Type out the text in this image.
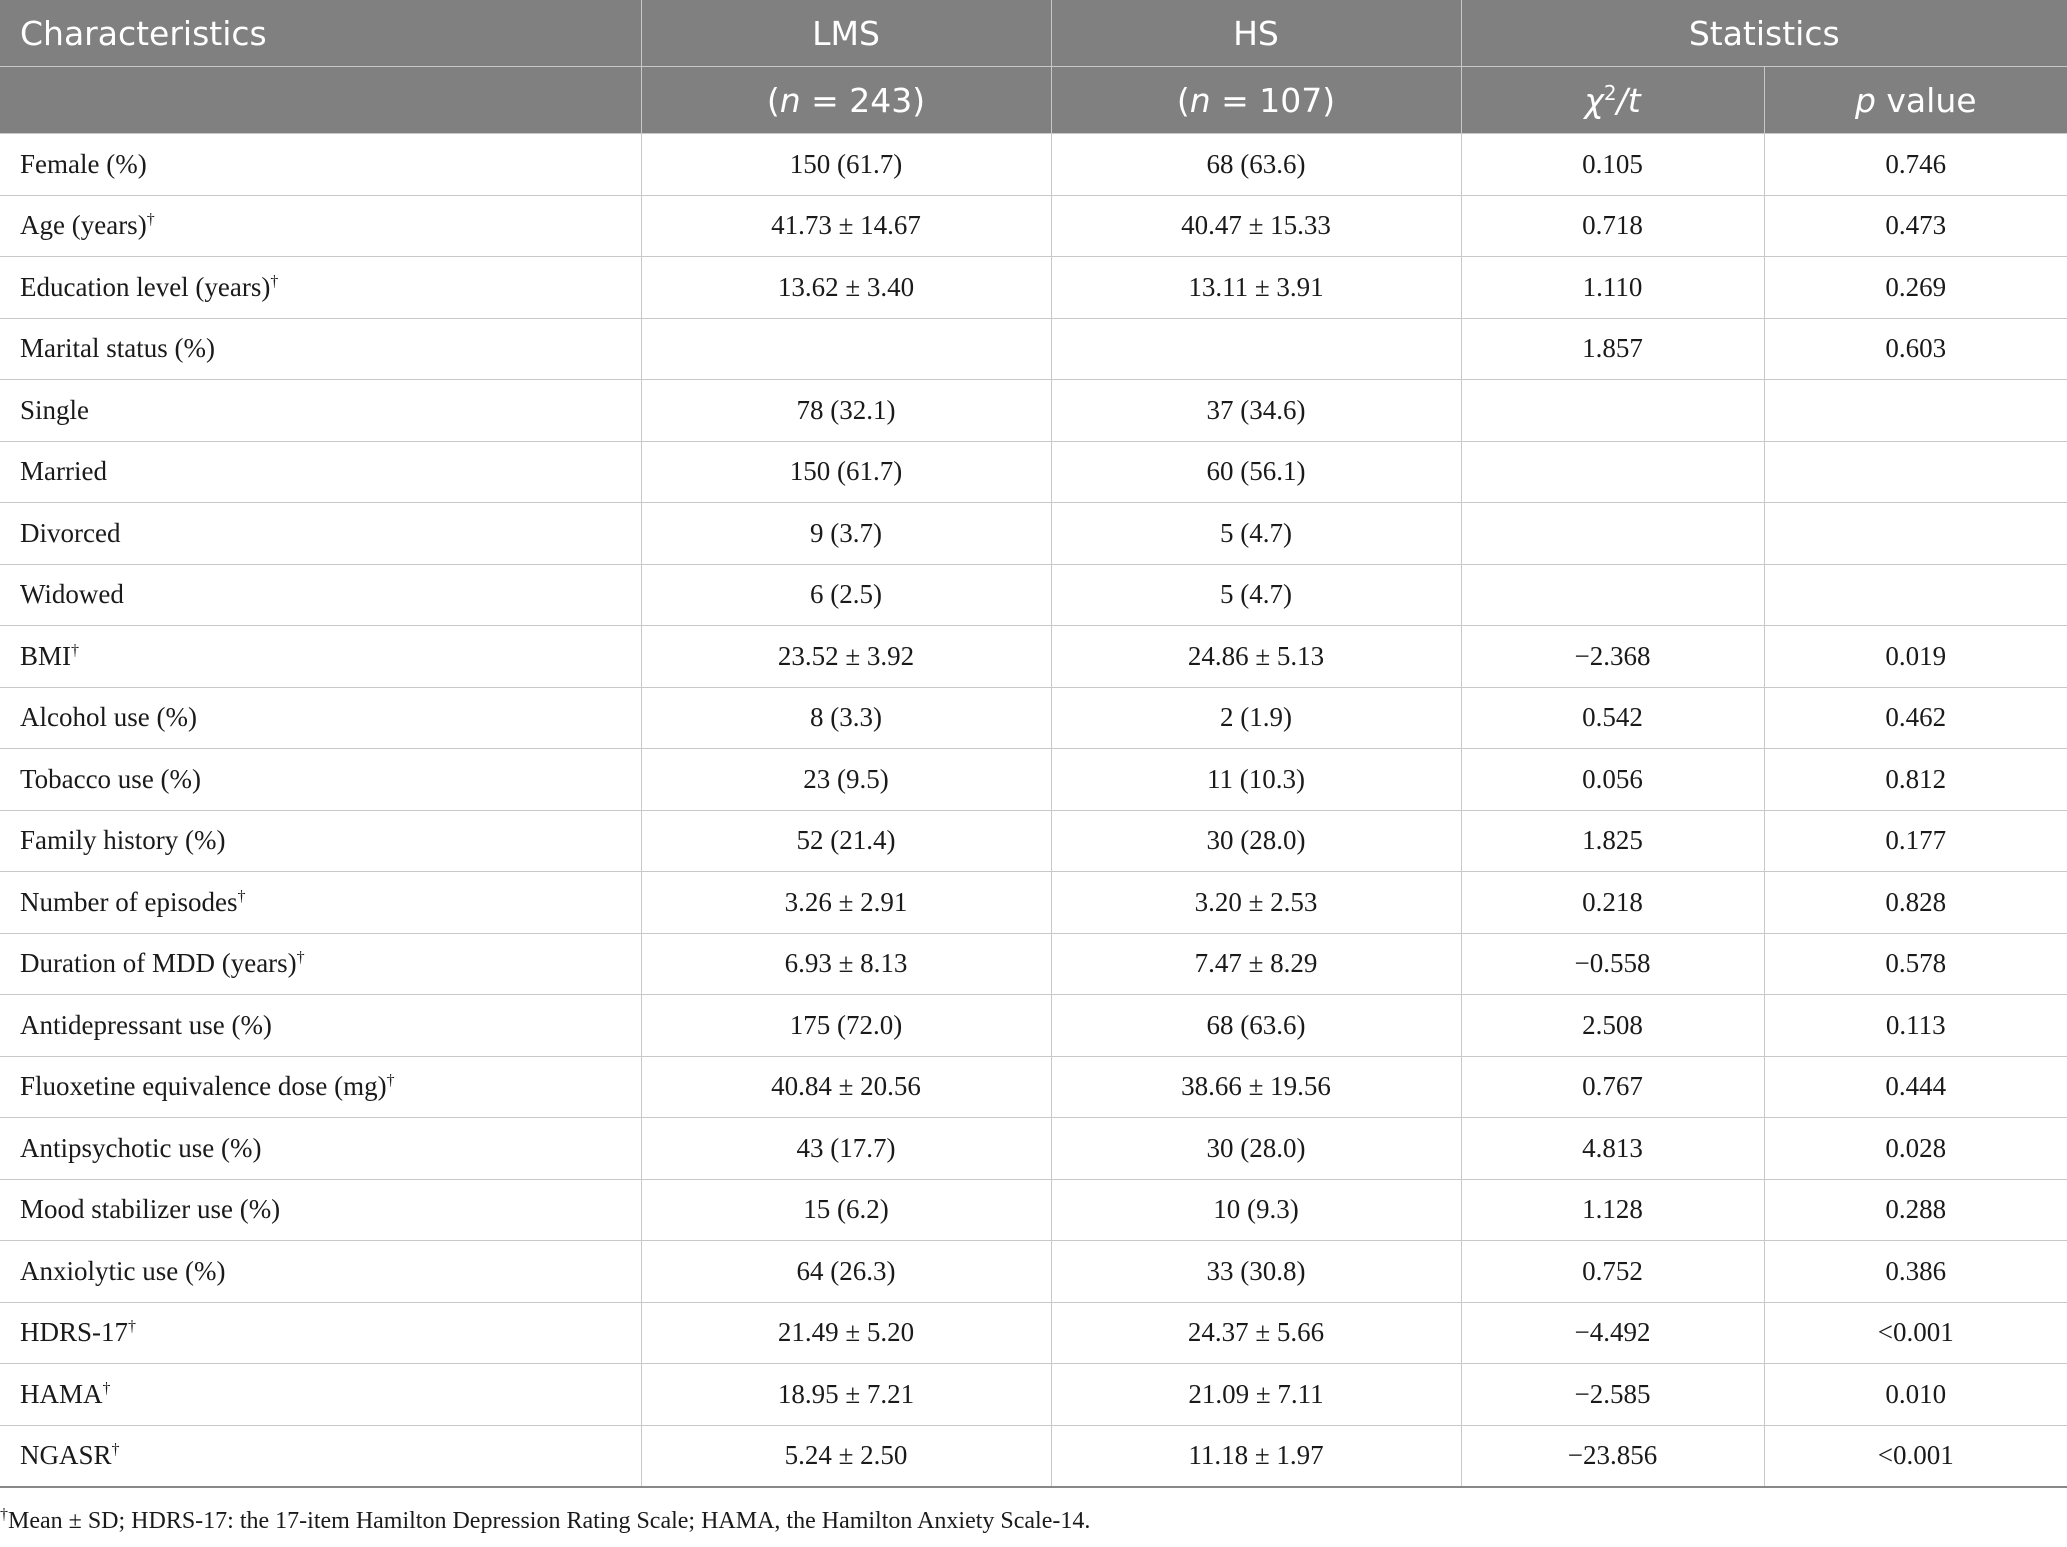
Characteristics	LMS	HS	Statistics	
	(n = 243)	(n = 107)	$\chi^2/t$	p value
Female (%)	150 (61.7)	68 (63.6)	0.105	0.746
Age (years)†	41.73 ± 14.67	40.47 ± 15.33	0.718	0.473
Education level (years)†	13.62 ± 3.40	13.11 ± 3.91	1.110	0.269
Marital status (%)			1.857	0.603
Single	78 (32.1)	37 (34.6)		
Married	150 (61.7)	60 (56.1)		
Divorced	9 (3.7)	5 (4.7)		
Widowed	6 (2.5)	5 (4.7)		
BMI†	23.52 ± 3.92	24.86 ± 5.13	−2.368	0.019
Alcohol use (%)	8 (3.3)	2 (1.9)	0.542	0.462
Tobacco use (%)	23 (9.5)	11 (10.3)	0.056	0.812
Family history (%)	52 (21.4)	30 (28.0)	1.825	0.177
Number of episodes†	3.26 ± 2.91	3.20 ± 2.53	0.218	0.828
Duration of MDD (years)†	6.93 ± 8.13	7.47 ± 8.29	−0.558	0.578
Antidepressant use (%)	175 (72.0)	68 (63.6)	2.508	0.113
Fluoxetine equivalence dose (mg)†	40.84 ± 20.56	38.66 ± 19.56	0.767	0.444
Antipsychotic use (%)	43 (17.7)	30 (28.0)	4.813	0.028
Mood stabilizer use (%)	15 (6.2)	10 (9.3)	1.128	0.288
Anxiolytic use (%)	64 (26.3)	33 (30.8)	0.752	0.386
HDRS-17†	21.49 ± 5.20	24.37 ± 5.66	−4.492	<0.001
HAMA†	18.95 ± 7.21	21.09 ± 7.11	−2.585	0.010
NGASR†	5.24 ± 2.50	11.18 ± 1.97	−23.856	<0.001
†Mean ± SD; HDRS-17: the 17-item Hamilton Depression Rating Scale; HAMA, the Hamilton Anxiety Scale-14.
